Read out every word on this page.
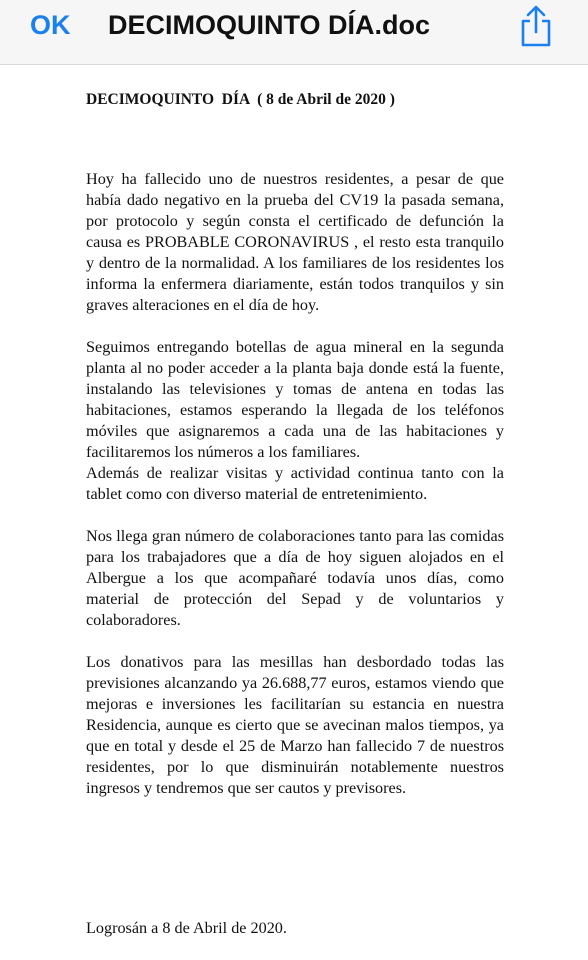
OK DECIMOQUINTO DÍA.doc
DECIMOQUINTO  DÍA  ( 8 de Abril de 2020 )

Hoy ha fallecido uno de nuestros residentes, a pesar de que había dado negativo en la prueba del CV19 la pasada semana, por protocolo y según consta el certificado de defunción la causa es PROBABLE CORONAVIRUS , el resto esta tranquilo y dentro de la normalidad. A los familiares de los residentes los informa la enfermera diariamente, están todos tranquilos y sin graves alteraciones en el día de hoy.

Seguimos entregando botellas de agua mineral en la segunda planta al no poder acceder a la planta baja donde está la fuente, instalando las televisiones y tomas de antena en todas las habitaciones, estamos esperando la llegada de los teléfonos móviles que asignaremos a cada una de las habitaciones y facilitaremos los números a los familiares.

Además de realizar visitas y actividad continua tanto con la tablet como con diverso material de entretenimiento.

Nos llega gran número de colaboraciones tanto para las comidas para los trabajadores que a día de hoy siguen alojados en el Albergue a los que acompañaré todavía unos días, como material de protección del Sepad y de voluntarios y colaboradores.

Los donativos para las mesillas han desbordado todas las previsiones alcanzando ya 26.688,77 euros, estamos viendo que mejoras e inversiones les facilitarían su estancia en nuestra Residencia, aunque es cierto que se avecinan malos tiempos, ya que en total y desde el 25 de Marzo han fallecido 7 de nuestros residentes, por lo que disminuirán notablemente nuestros ingresos y tendremos que ser cautos y previsores.

Logrosán a 8 de Abril de 2020.
